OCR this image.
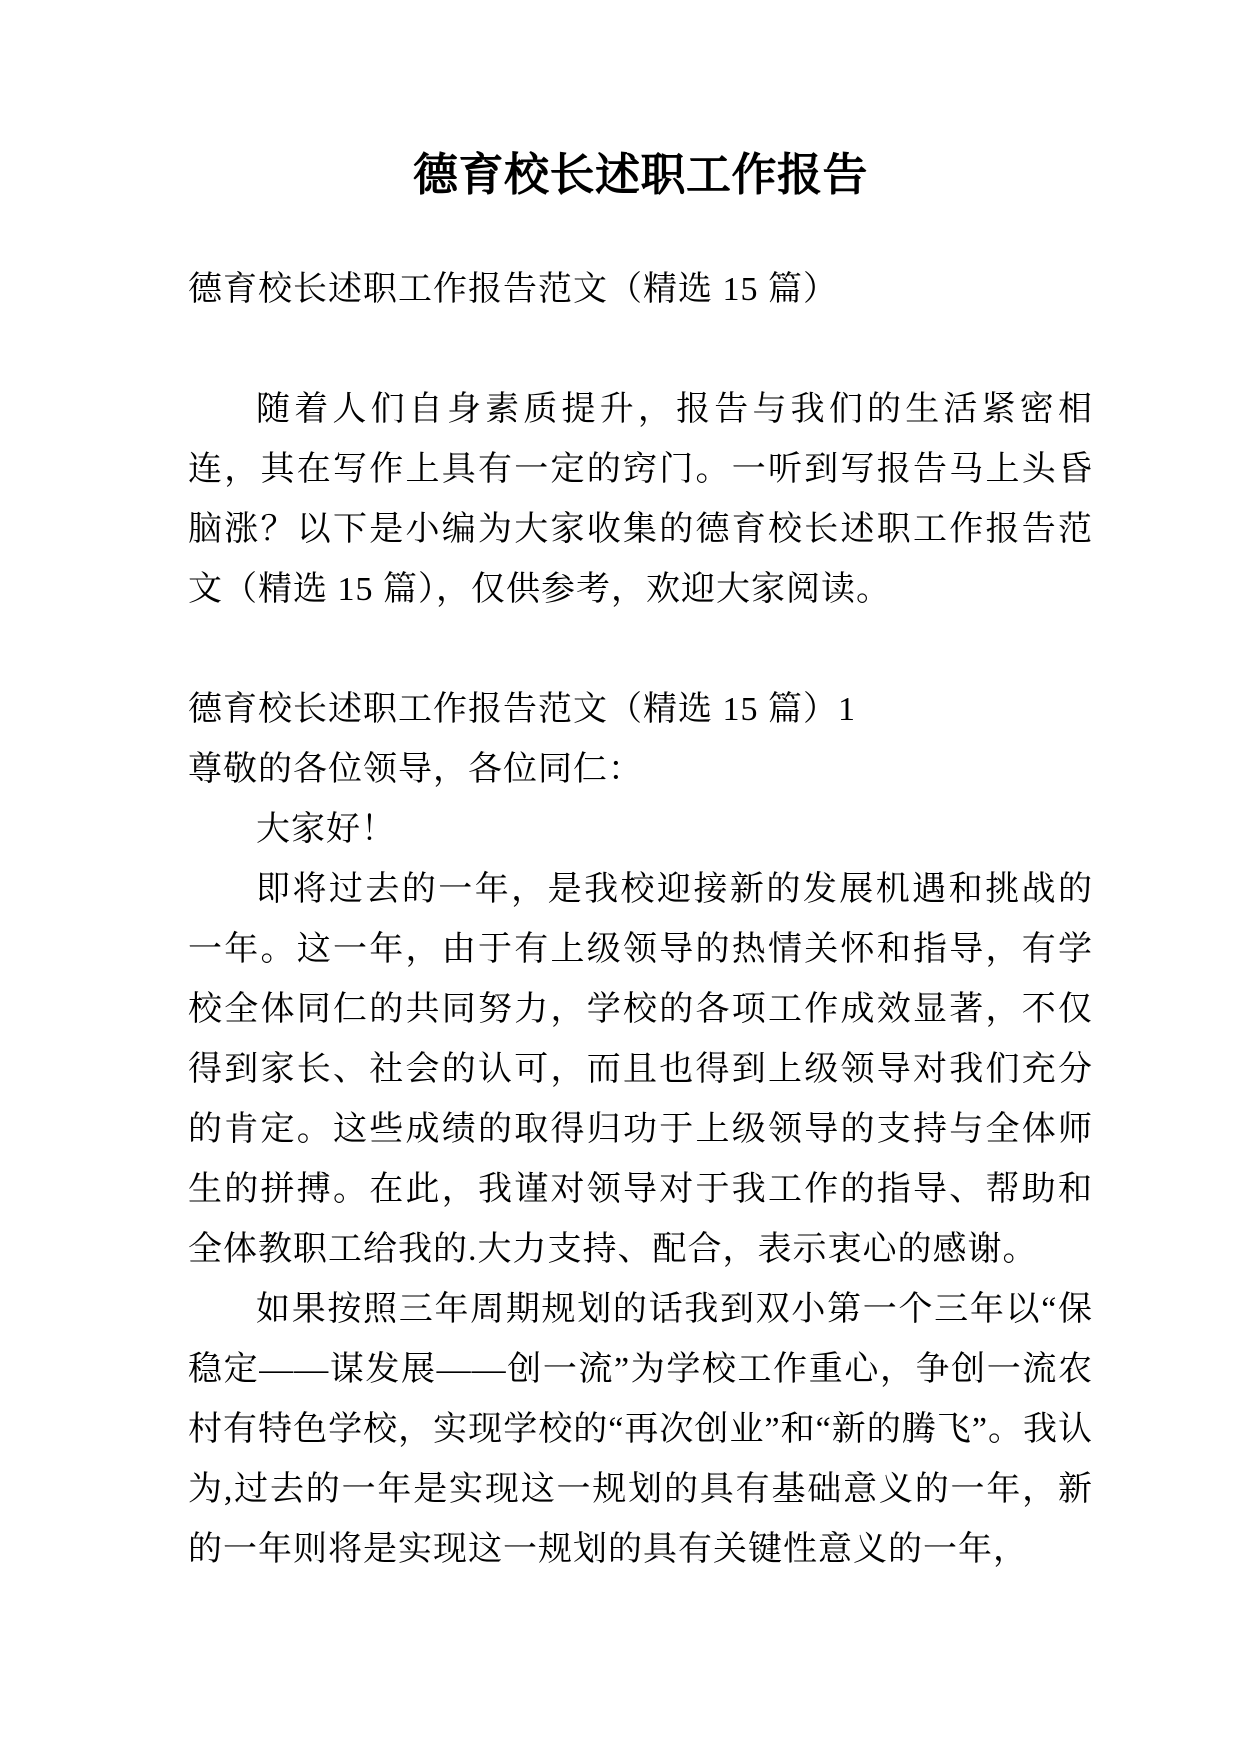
德育校长述职工作报告

德育校长述职工作报告范文（精选 15 篇）

随着人们自身素质提升，报告与我们的生活紧密相连，其在写作上具有一定的窍门。一听到写报告马上头昏脑涨？以下是小编为大家收集的德育校长述职工作报告范文（精选 15 篇），仅供参考，欢迎大家阅读。

德育校长述职工作报告范文（精选 15 篇）1

尊敬的各位领导，各位同仁：

大家好！

即将过去的一年，是我校迎接新的发展机遇和挑战的一年。这一年，由于有上级领导的热情关怀和指导，有学校全体同仁的共同努力，学校的各项工作成效显著，不仅得到家长、社会的认可，而且也得到上级领导对我们充分的肯定。这些成绩的取得归功于上级领导的支持与全体师生的拼搏。在此，我谨对领导对于我工作的指导、帮助和全体教职工给我的.大力支持、配合，表示衷心的感谢。

如果按照三年周期规划的话我到双小第一个三年以“保稳定——谋发展——创一流”为学校工作重心，争创一流农村有特色学校，实现学校的“再次创业”和“新的腾飞”。我认为,过去的一年是实现这一规划的具有基础意义的一年，新的一年则将是实现这一规划的具有关键性意义的一年，
